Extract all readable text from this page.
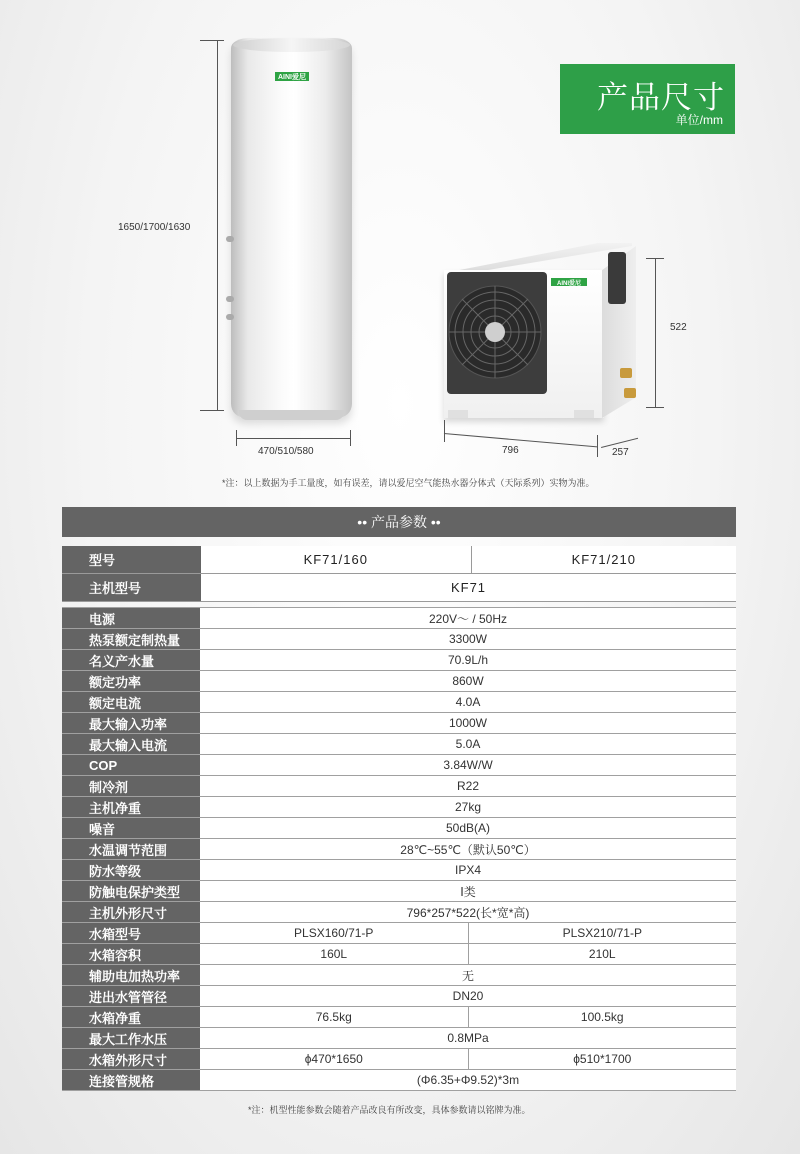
产品尺寸
单位/mm
1650/1700/1630
AINI爱尼
470/510/580
AINI爱尼
522
796	257
*注：以上数据为手工量度，如有误差，请以爱尼空气能热水器分体式（天际系列）实物为准。
•• 产品参数 ••
型号	KF71/160	KF71/210
主机型号	KF71	
电源	220V～ / 50Hz	
热泵额定制热量	3300W	
名义产水量	70.9L/h	
额定功率	860W	
额定电流	4.0A	
最大输入功率	1000W	
最大输入电流	5.0A	
COP	3.84W/W	
制冷剂	R22	
主机净重	27kg	
噪音	50dB(A)	
水温调节范围	28℃~55℃（默认50℃）	
防水等级	IPX4	
防触电保护类型	Ⅰ类	
主机外形尺寸	796*257*522(长*宽*高)	
水箱型号	PLSX160/71-P	PLSX210/71-P
水箱容积	160L	210L
辅助电加热功率	无	
进出水管管径	DN20	
水箱净重	76.5kg	100.5kg
最大工作水压	0.8MPa	
水箱外形尺寸	ϕ470*1650	ϕ510*1700
连接管规格	(Φ6.35+Φ9.52)*3m	
*注：机型性能参数会随着产品改良有所改变，具体参数请以铭牌为准。
